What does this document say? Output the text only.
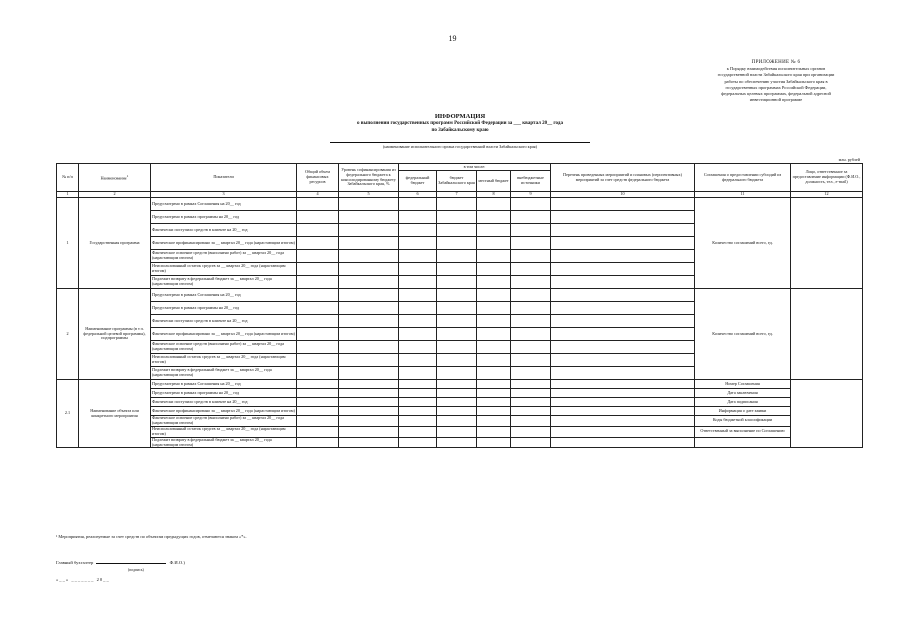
19
ПРИЛОЖЕНИЕ № 6
к Порядку взаимодействия исполнительных органов
государственной власти Забайкальского края при организации
работы по обеспечению участия Забайкальского края в
государственных программах Российской Федерации,
федеральных целевых программах, федеральной адресной
инвестиционной программе
ИНФОРМАЦИЯ
о выполнении государственных программ Российской Федерации за ___ квартал 20__ года
по Забайкальскому краю
(наименование исполнительного органа государственной власти Забайкальского края)
млн. рублей
№ п/п	Наименование$^1$	Показатели	Общий объем финансовых ресурсов	Уровень софинансирования из федерального бюджета к консолидированному бюджету Забайкальского края, %	в том числе:				Перечень проведенных мероприятий и плановых (перспективных) мероприятий за счет средств федерального бюджета	Соглашения о предоставлении субсидий из федерального бюджета	Лицо, ответственное за предоставление информации (Ф.И.О., должность, тел., e-mail)
					федеральный бюджет	бюджет Забайкальского края	местный бюджет	внебюджетные источники			
1	2	3	4	5	6	7	8	9	10	11	12
1	Государственная программа	Предусмотрено в рамках Соглашения на 20__ год								Количество соглашений всего, ед.	
		Предусмотрено в рамках программы на 20__ год									
		Фактически поступило средств в клиенте на 20__ год									
		Фактическое профинансировано за __ квартал 20__ года (нарастающим итогом)									
		Фактическое освоение средств (выполнено работ) за __ квартал 20__ года (нарастающим итогом)									
		Неиспользованный остаток средств за __ квартал 20__ года (нарастающим итогом)									
		Подлежит возврату в федеральный бюджет за __ квартал 20__ года (нарастающим итогом)									
2	Наименование программы (в т.ч. федеральной целевой программы), подпрограммы	Предусмотрено в рамках Соглашения на 20__ год								Количество соглашений всего, ед.	
		Предусмотрено в рамках программы на 20__ год									
		Фактически поступило средств в клиенте на 20__ год									
		Фактическое профинансировано за __ квартал 20__ года (нарастающим итогом)									
		Фактическое освоение средств (выполнено работ) за __ квартал 20__ года (нарастающим итогом)									
		Неиспользованный остаток средств за __ квартал 20__ года (нарастающим итогом)									
		Подлежит возврату в федеральный бюджет за __ квартал 20__ года (нарастающим итогом)									
2.1	Наименование объекта или конкретного мероприятия	Предусмотрено в рамках Соглашения на 20__ год								Номер Соглашения	
		Предусмотрено в рамках программы на 20__ год								Дата заключения	
		Фактически поступило средств в клиенте на 20__ год								Дата подписания	
		Фактическое профинансировано за __ квартал 20__ года (нарастающим итогом)								Информация о дате заявки	
		Фактическое освоение средств (выполнено работ) за __ квартал 20__ года (нарастающим итогом)								Коды бюджетной классификации	
		Неиспользованный остаток средств за __ квартал 20__ года (нарастающим итогом)								Ответственный за выполнение по Соглашению	
		Подлежит возврату в федеральный бюджет за __ квартал 20__ года (нарастающим итогом)									
¹ Мероприятия, реализуемые за счет средств по объектам предыдущих годов, отмечаются знаком «*».
Главный бухгалтер	Ф.И.О.)
(подпись)
«__» _______ 20__
